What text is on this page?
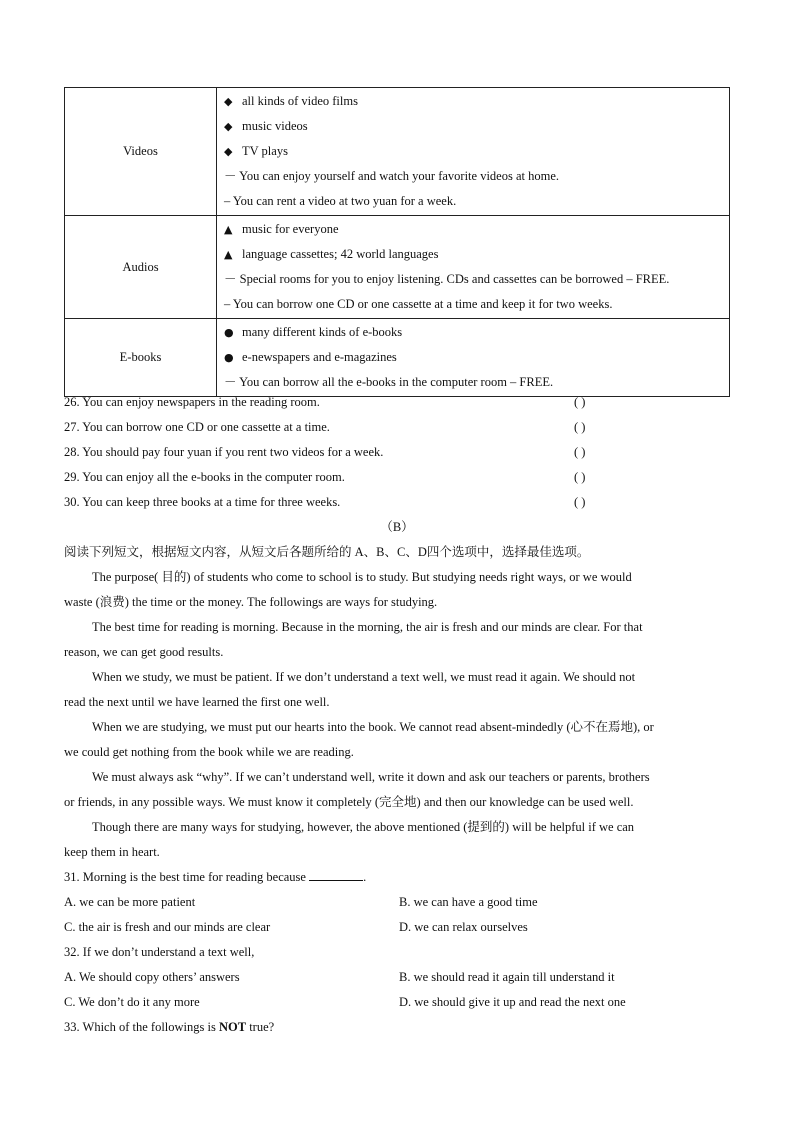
Videos	◆ all kinds of video films
◆ music videos
◆ TV plays
－ You can enjoy yourself and watch your favorite videos at home.
– You can rent a video at two yuan for a week.

Audios	▲ music for everyone
▲ language cassettes; 42 world languages
－ Special rooms for you to enjoy listening. CDs and cassettes can be borrowed – FREE.
– You can borrow one CD or one cassette at a time and keep it for two weeks.

E-books	● many different kinds of e-books
● e-newspapers and e-magazines
－ You can borrow all the e-books in the computer room – FREE.
26. You can enjoy newspapers in the reading room.	( )
27. You can borrow one CD or one cassette at a time.	( )
28. You should pay four yuan if you rent two videos for a week.	( )
29. You can enjoy all the e-books in the computer room.	( )
30. You can keep three books at a time for three weeks.	( )
（B）
阅读下列短文，根据短文内容，从短文后各题所给的 A、B、C、D四个选项中，选择最佳选项。
The purpose( 目的) of students who come to school is to study. But studying needs right ways, or we would
waste (浪费) the time or the money. The followings are ways for studying.
The best time for reading is morning. Because in the morning, the air is fresh and our minds are clear. For that
reason, we can get good results.
When we study, we must be patient. If we don’t understand a text well, we must read it again. We should not
read the next until we have learned the first one well.
When we are studying, we must put our hearts into the book. We cannot read absent-mindedly (心不在焉地), or
we could get nothing from the book while we are reading.
We must always ask “why”. If we can’t understand well, write it down and ask our teachers or parents, brothers
or friends, in any possible ways. We must know it completely (完全地) and then our knowledge can be used well.
Though there are many ways for studying, however, the above mentioned (提到的) will be helpful if we can
keep them in heart.
31. Morning is the best time for reading because	.
A. we can be more patient	B. we can have a good time
C. the air is fresh and our minds are clear	D. we can relax ourselves
32. If we don’t understand a text well,
A. We should copy others’ answers	B. we should read it again till understand it
C. We don’t do it any more	D. we should give it up and read the next one
33. Which of the followings is NOT true?
